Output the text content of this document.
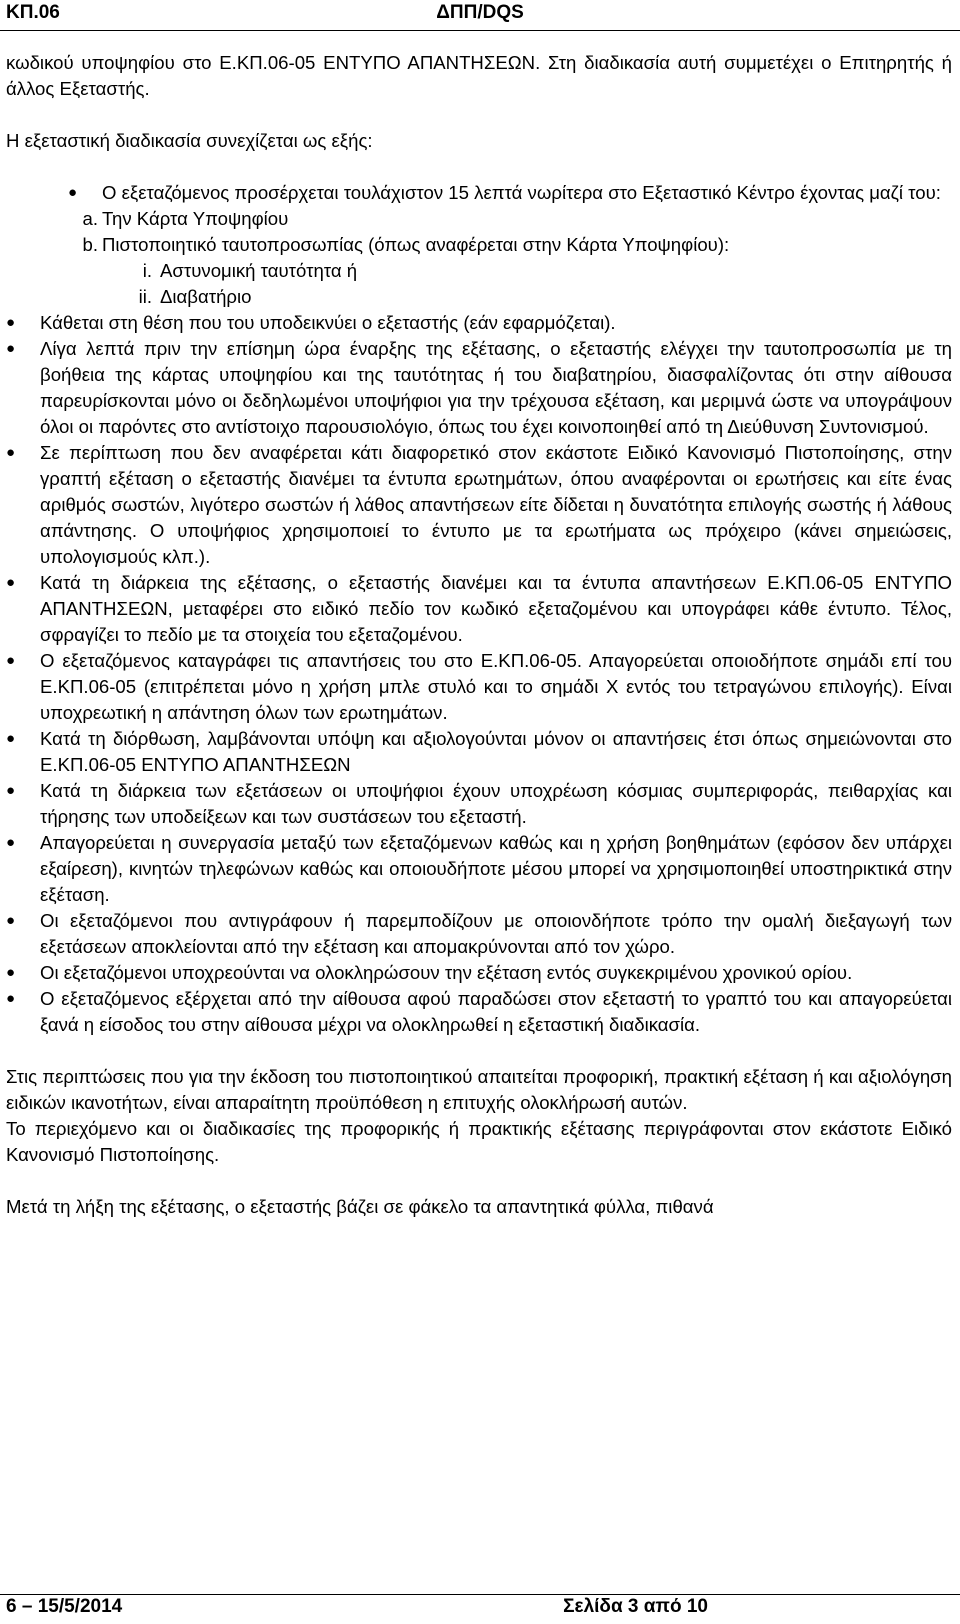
ΚΠ.06	ΔΠΠ/DQS

κωδικού υποψηφίου στο Ε.ΚΠ.06-05 ΕΝΤΥΠΟ ΑΠΑΝΤΗΣΕΩΝ. Στη διαδικασία αυτή συμμετέχει ο Επιτηρητής ή άλλος Εξεταστής.

Η εξεταστική διαδικασία συνεχίζεται ως εξής:

●	Ο εξεταζόμενος προσέρχεται τουλάχιστον 15 λεπτά νωρίτερα στο Εξεταστικό Κέντρο έχοντας μαζί του:
a. Την Κάρτα Υποψηφίου
b. Πιστοποιητικό ταυτοπροσωπίας (όπως αναφέρεται στην Κάρτα Υποψηφίου):
i. Αστυνομική ταυτότητα ή
ii. Διαβατήριο
●	Κάθεται στη θέση που του υποδεικνύει ο εξεταστής (εάν εφαρμόζεται).
●	Λίγα λεπτά πριν την επίσημη ώρα έναρξης της εξέτασης, ο εξεταστής ελέγχει την ταυτοπροσωπία με τη βοήθεια της κάρτας υποψηφίου και της ταυτότητας ή του διαβατηρίου, διασφαλίζοντας ότι στην αίθουσα παρευρίσκονται μόνο οι δεδηλωμένοι υποψήφιοι για την τρέχουσα εξέταση, και μεριμνά ώστε να υπογράψουν όλοι οι παρόντες στο αντίστοιχο παρουσιολόγιο, όπως του έχει κοινοποιηθεί από τη Διεύθυνση Συντονισμού.
●	Σε περίπτωση που δεν αναφέρεται κάτι διαφορετικό στον εκάστοτε Ειδικό Κανονισμό Πιστοποίησης, στην γραπτή εξέταση ο εξεταστής διανέμει τα έντυπα ερωτημάτων, όπου αναφέρονται οι ερωτήσεις και είτε ένας αριθμός σωστών, λιγότερο σωστών ή λάθος απαντήσεων είτε δίδεται η δυνατότητα επιλογής σωστής ή λάθους απάντησης. Ο υποψήφιος χρησιμοποιεί το έντυπο με τα ερωτήματα ως πρόχειρο (κάνει σημειώσεις, υπολογισμούς κλπ.).
●	Κατά τη διάρκεια της εξέτασης, ο εξεταστής διανέμει και τα έντυπα απαντήσεων Ε.ΚΠ.06-05 ΕΝΤΥΠΟ ΑΠΑΝΤΗΣΕΩΝ, μεταφέρει στο ειδικό πεδίο τον κωδικό εξεταζομένου και υπογράφει κάθε έντυπο. Τέλος, σφραγίζει το πεδίο με τα στοιχεία του εξεταζομένου.
●	Ο εξεταζόμενος καταγράφει τις απαντήσεις του στο Ε.ΚΠ.06-05. Απαγορεύεται οποιοδήποτε σημάδι επί του Ε.ΚΠ.06-05 (επιτρέπεται μόνο η χρήση μπλε στυλό και το σημάδι X εντός του τετραγώνου επιλογής). Είναι υποχρεωτική η απάντηση όλων των ερωτημάτων.
●	Κατά τη διόρθωση, λαμβάνονται υπόψη και αξιολογούνται μόνον οι απαντήσεις έτσι όπως σημειώνονται στο Ε.ΚΠ.06-05 ΕΝΤΥΠΟ ΑΠΑΝΤΗΣΕΩΝ
●	Κατά τη διάρκεια των εξετάσεων οι υποψήφιοι έχουν υποχρέωση κόσμιας συμπεριφοράς, πειθαρχίας και τήρησης των υποδείξεων και των συστάσεων του εξεταστή.
●	Απαγορεύεται η συνεργασία μεταξύ των εξεταζόμενων καθώς και η χρήση βοηθημάτων (εφόσον δεν υπάρχει εξαίρεση), κινητών τηλεφώνων καθώς και οποιουδήποτε μέσου μπορεί να χρησιμοποιηθεί υποστηρικτικά στην εξέταση.
●	Οι εξεταζόμενοι που αντιγράφουν ή παρεμποδίζουν με οποιονδήποτε τρόπο την ομαλή διεξαγωγή των εξετάσεων αποκλείονται από την εξέταση και απομακρύνονται από τον χώρο.
●	Οι εξεταζόμενοι υποχρεούνται να ολοκληρώσουν την εξέταση εντός συγκεκριμένου χρονικού ορίου.
●	Ο εξεταζόμενος εξέρχεται από την αίθουσα αφού παραδώσει στον εξεταστή το γραπτό του και απαγορεύεται ξανά η είσοδος του στην αίθουσα μέχρι να ολοκληρωθεί η εξεταστική διαδικασία.

Στις περιπτώσεις που για την έκδοση του πιστοποιητικού απαιτείται προφορική, πρακτική εξέταση ή και αξιολόγηση ειδικών ικανοτήτων, είναι απαραίτητη προϋπόθεση η επιτυχής ολοκλήρωσή αυτών.

Το περιεχόμενο και οι διαδικασίες της προφορικής ή πρακτικής εξέτασης περιγράφονται στον εκάστοτε Ειδικό Κανονισμό Πιστοποίησης.

Μετά τη λήξη της εξέτασης, ο εξεταστής βάζει σε φάκελο τα απαντητικά φύλλα, πιθανά

6 – 15/5/2014	Σελίδα 3 από 10
